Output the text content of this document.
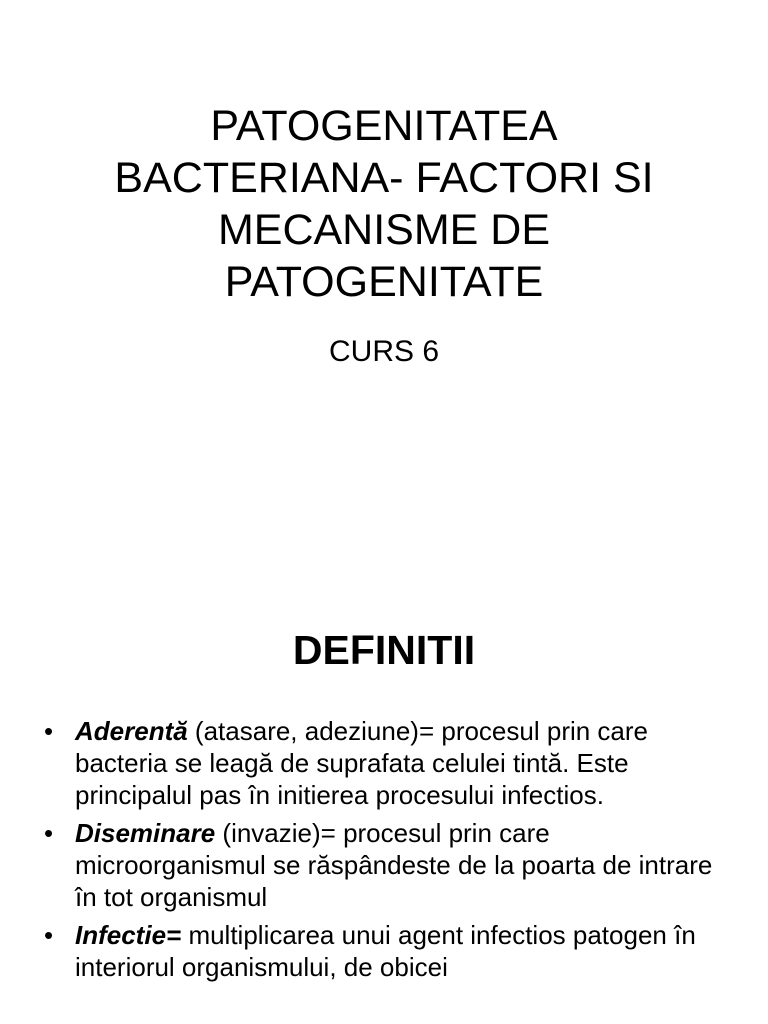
PATOGENITATEA
BACTERIANA- FACTORI SI
MECANISME DE
PATOGENITATE

CURS 6

DEFINITII
• Aderentă (atasare, adeziune)= procesul prin care bacteria se leagă de suprafata celulei tintă. Este principalul pas în initierea procesului infectios.
• Diseminare (invazie)= procesul prin care microorganismul se răspândeste de la poarta de intrare în tot organismul
• Infectie= multiplicarea unui agent infectios patogen în interiorul organismului, de obicei
